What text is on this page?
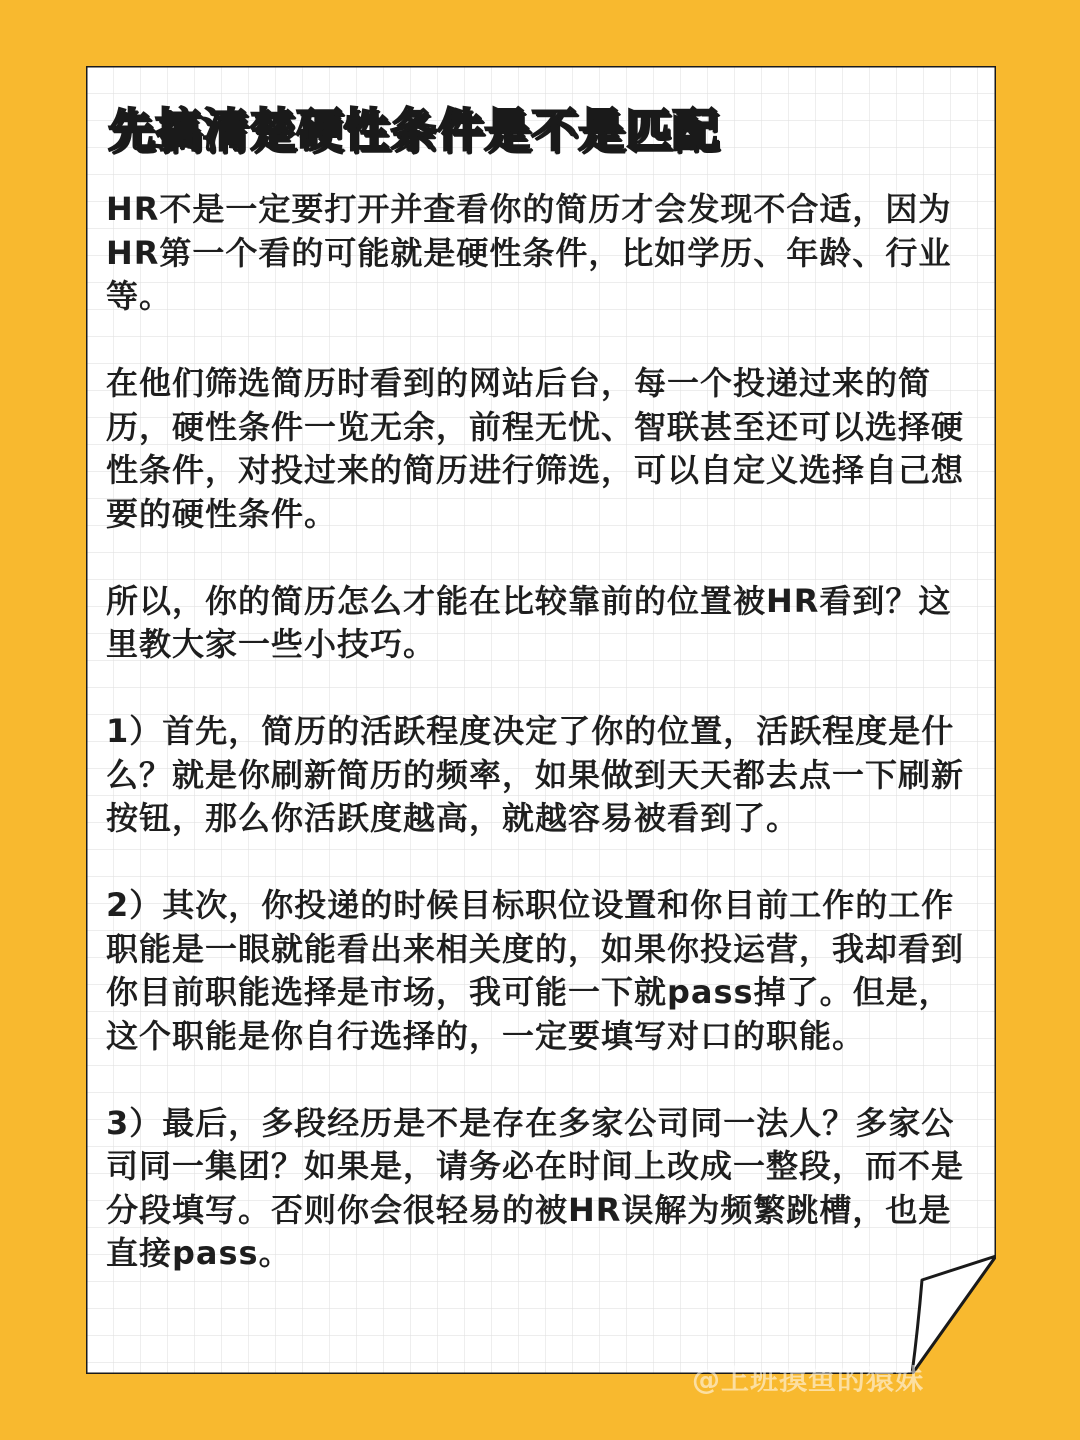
先搞清楚硬性条件是不是匹配

HR不是一定要打开并查看你的简历才会发现不合适，因为HR第一个看的可能就是硬性条件，比如学历、年龄、行业等。

在他们筛选简历时看到的网站后台，每一个投递过来的简历，硬性条件一览无余，前程无忧、智联甚至还可以选择硬性条件，对投过来的简历进行筛选，可以自定义选择自己想要的硬性条件。

所以，你的简历怎么才能在比较靠前的位置被HR看到？这里教大家一些小技巧。

1）首先，简历的活跃程度决定了你的位置，活跃程度是什么？就是你刷新简历的频率，如果做到天天都去点一下刷新按钮，那么你活跃度越高，就越容易被看到了。

2）其次，你投递的时候目标职位设置和你目前工作的工作职能是一眼就能看出来相关度的，如果你投运营，我却看到你目前职能选择是市场，我可能一下就pass掉了。但是，这个职能是你自行选择的，一定要填写对口的职能。

3）最后，多段经历是不是存在多家公司同一法人？多家公司同一集团？如果是，请务必在时间上改成一整段，而不是分段填写。否则你会很轻易的被HR误解为频繁跳槽，也是直接pass。

@上班摸鱼的猿妹
